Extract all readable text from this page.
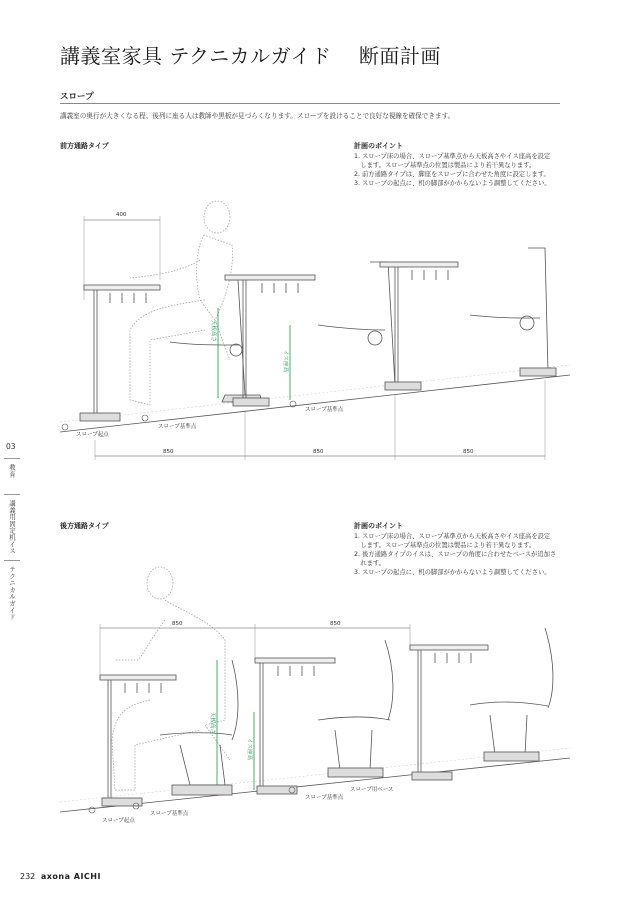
講義室家具 テクニカルガイド　 断面計画
スロープ
講義室の奥行が大きくなる程、後列に座る人は教師や黒板が見づらくなります。スロープを設けることで良好な視線を確保できます。
前方通路タイプ	計画のポイント
1. スロープ床の場合、スロープ基準点から天板高さやイス座高を設定
　します。スロープ基準点の位置は製品により若干異なります。
2. 前方通路タイプは、脚座をスロープに合わせた角度に設定します。
3. スロープの起点に、机の脚部がかからないよう調整してください。
後方通路タイプ	計画のポイント
1. スロープ床の場合、スロープ基準点から天板高さやイス座高を設定
　します。スロープ基準点の位置は製品により若干異なります。
2. 後方通路タイプのイスは、スロープの角度に合わせたベースが追加さ
　れます。
3. スロープの起点に、机の脚部がかからないよう調整してください。
400
天板高さ
イス座高
スロープ基準点
スロープ基準点
スロープ起点
850	850	850
850	850
天板高さ
イス座高
スロープ基準点
スロープ基準点
スロープ用ベース
スロープ起点
03
教育
講義用固定机イス
テクニカルガイド
232 axona AICHI
